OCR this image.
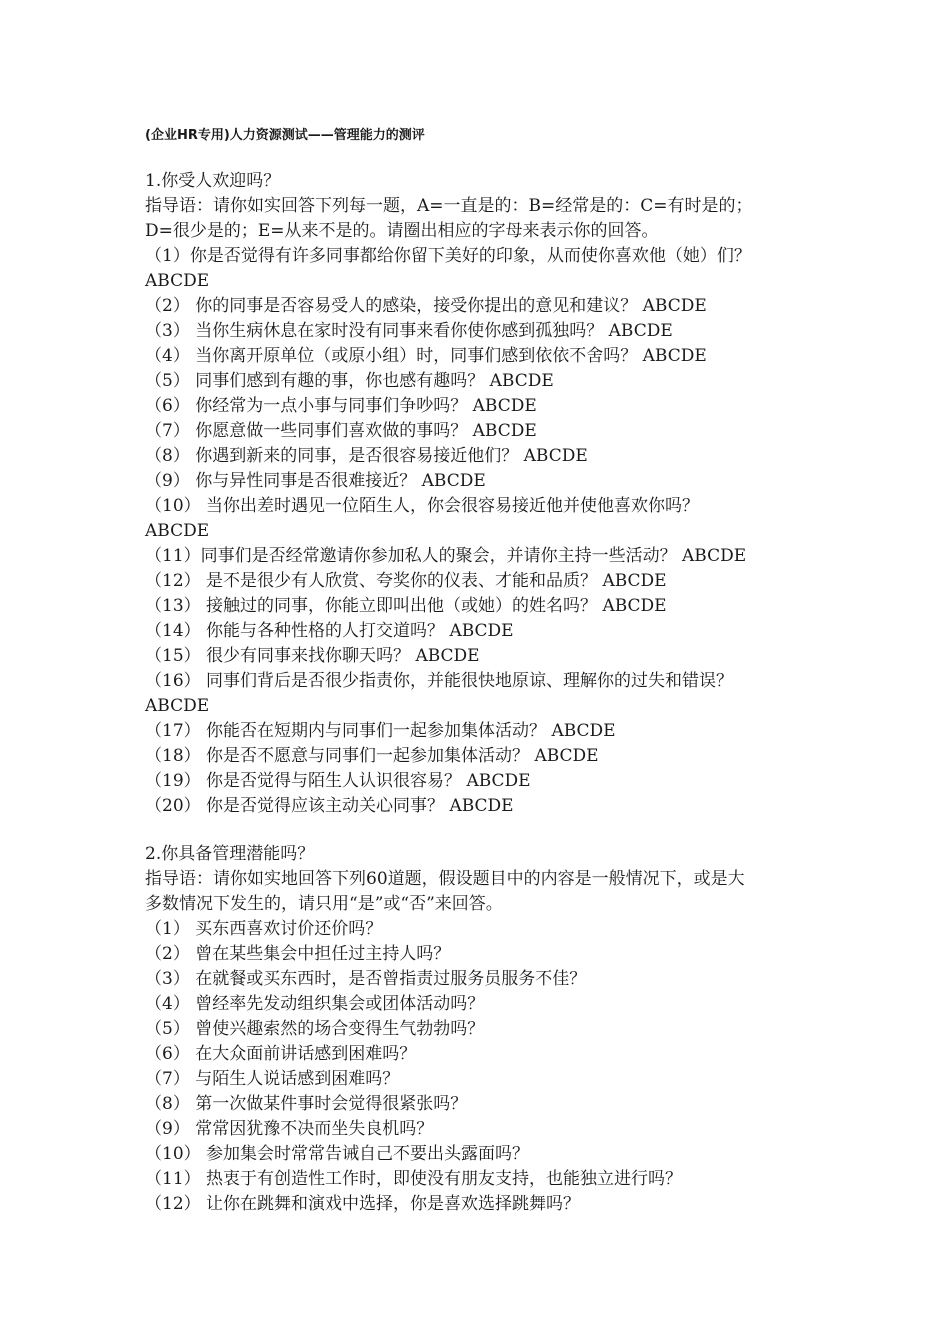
(企业HR专用)人力资源测试——管理能力的测评
1.你受人欢迎吗？
指导语：请你如实回答下列每一题，A=一直是的：B=经常是的：C=有时是的；
D=很少是的；E=从来不是的。请圈出相应的字母来表示你的回答。
（1）你是否觉得有许多同事都给你留下美好的印象，从而使你喜欢他（她）们？
ABCDE
（2） 你的同事是否容易受人的感染，接受你提出的意见和建议？ ABCDE
（3） 当你生病休息在家时没有同事来看你使你感到孤独吗？ ABCDE
（4） 当你离开原单位（或原小组）时，同事们感到依依不舍吗？ ABCDE
（5） 同事们感到有趣的事，你也感有趣吗？ ABCDE
（6） 你经常为一点小事与同事们争吵吗？ ABCDE
（7） 你愿意做一些同事们喜欢做的事吗？ ABCDE
（8） 你遇到新来的同事，是否很容易接近他们？ ABCDE
（9） 你与异性同事是否很难接近？ ABCDE
（10） 当你出差时遇见一位陌生人，你会很容易接近他并使他喜欢你吗？
ABCDE
（11）同事们是否经常邀请你参加私人的聚会，并请你主持一些活动？ ABCDE
（12） 是不是很少有人欣赏、夸奖你的仪表、才能和品质？ ABCDE
（13） 接触过的同事，你能立即叫出他（或她）的姓名吗？ ABCDE
（14） 你能与各种性格的人打交道吗？ ABCDE
（15） 很少有同事来找你聊天吗？ ABCDE
（16） 同事们背后是否很少指责你，并能很快地原谅、理解你的过失和错误？
ABCDE
（17） 你能否在短期内与同事们一起参加集体活动？ ABCDE
（18） 你是否不愿意与同事们一起参加集体活动？ ABCDE
（19） 你是否觉得与陌生人认识很容易？ ABCDE
（20） 你是否觉得应该主动关心同事？ ABCDE
2.你具备管理潜能吗？
指导语：请你如实地回答下列60道题，假设题目中的内容是一般情况下，或是大
多数情况下发生的，请只用“是”或“否”来回答。
（1） 买东西喜欢讨价还价吗？
（2） 曾在某些集会中担任过主持人吗？
（3） 在就餐或买东西时，是否曾指责过服务员服务不佳？
（4） 曾经率先发动组织集会或团体活动吗？
（5） 曾使兴趣索然的场合变得生气勃勃吗？
（6） 在大众面前讲话感到困难吗？
（7） 与陌生人说话感到困难吗？
（8） 第一次做某件事时会觉得很紧张吗？
（9） 常常因犹豫不决而坐失良机吗？
（10） 参加集会时常常告诫自己不要出头露面吗？
（11） 热衷于有创造性工作时，即使没有朋友支持，也能独立进行吗？
（12） 让你在跳舞和演戏中选择，你是喜欢选择跳舞吗？
